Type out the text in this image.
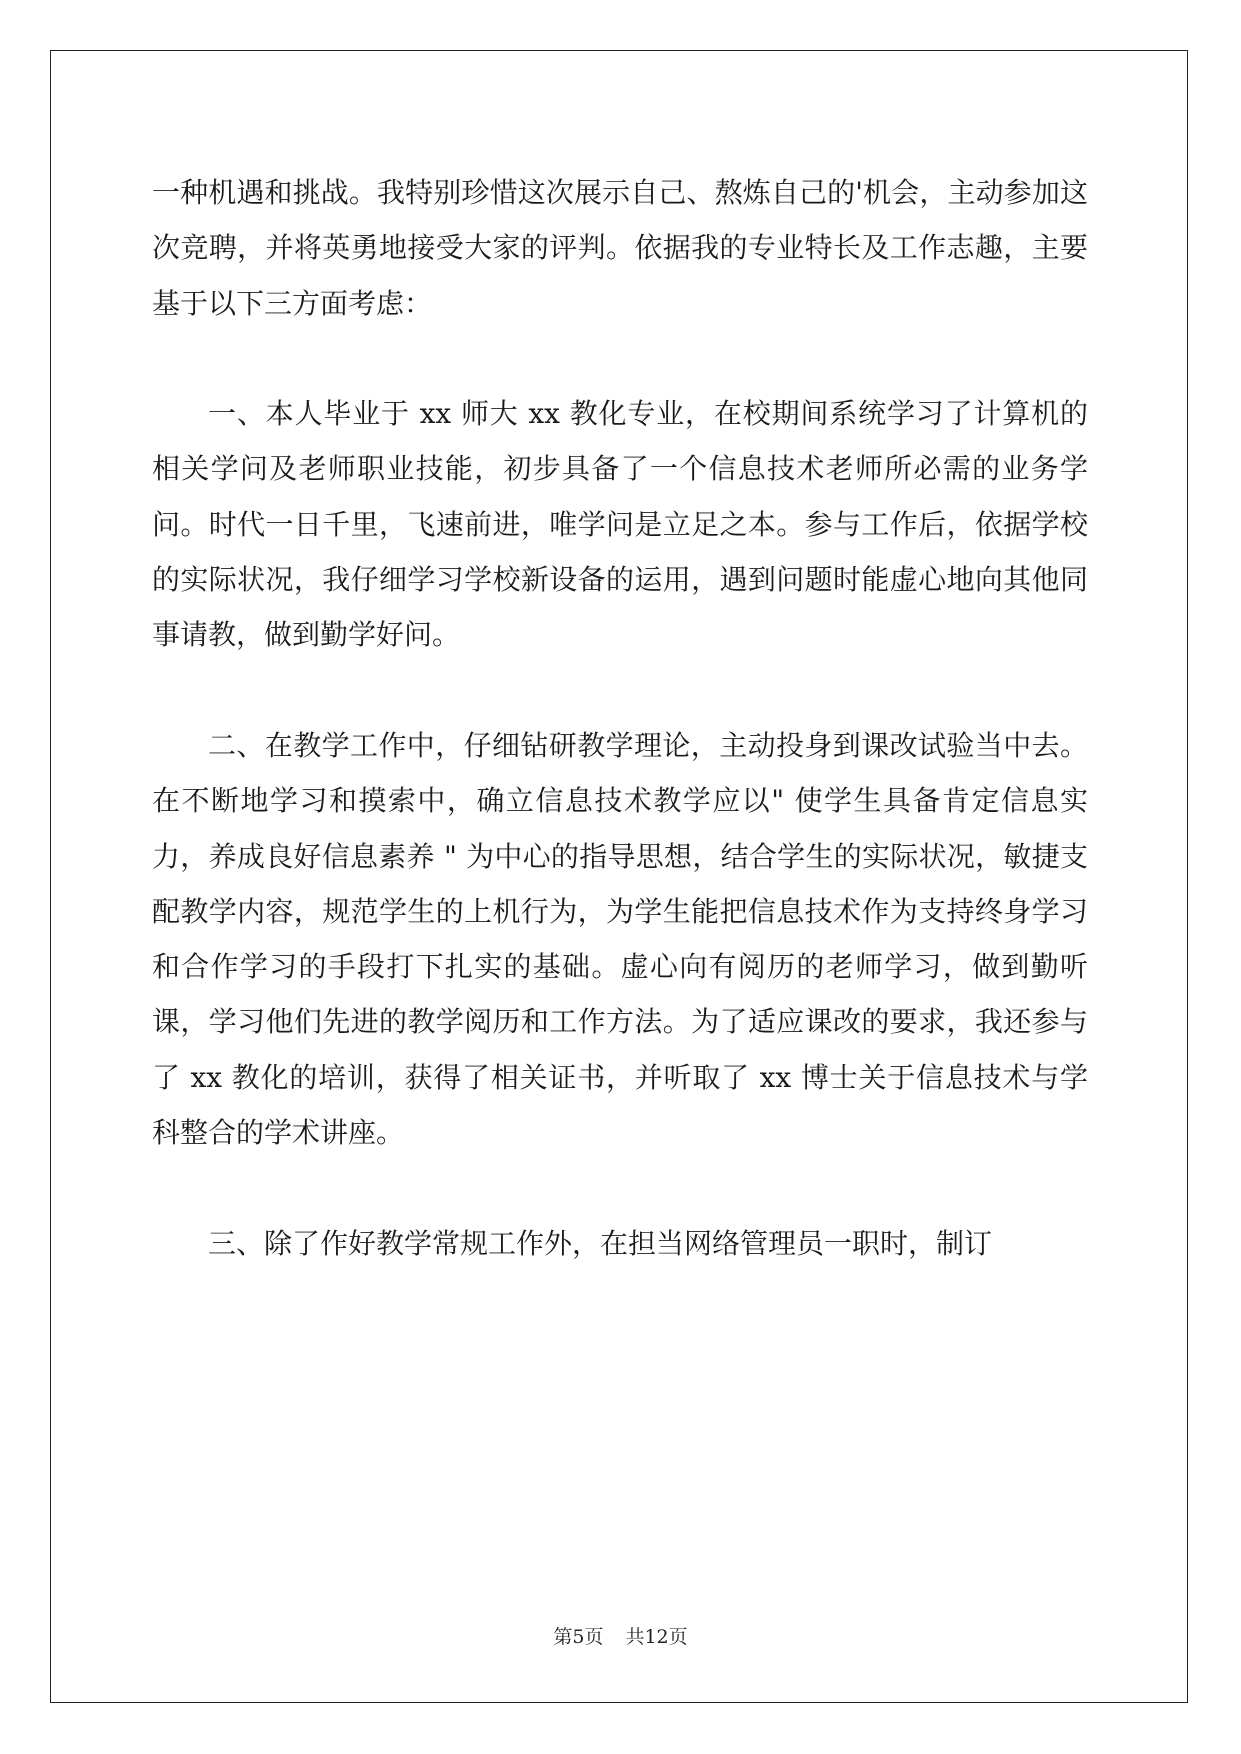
一种机遇和挑战。我特别珍惜这次展示自己、熬炼自己的'机会，主动参加这次竞聘，并将英勇地接受大家的评判。依据我的专业特长及工作志趣，主要基于以下三方面考虑：

一、本人毕业于 xx 师大 xx 教化专业，在校期间系统学习了计算机的相关学问及老师职业技能，初步具备了一个信息技术老师所必需的业务学问。时代一日千里，飞速前进，唯学问是立足之本。参与工作后，依据学校的实际状况，我仔细学习学校新设备的运用，遇到问题时能虚心地向其他同事请教，做到勤学好问。

二、在教学工作中，仔细钻研教学理论，主动投身到课改试验当中去。在不断地学习和摸索中，确立信息技术教学应以" 使学生具备肯定信息实力，养成良好信息素养 " 为中心的指导思想，结合学生的实际状况，敏捷支配教学内容，规范学生的上机行为，为学生能把信息技术作为支持终身学习和合作学习的手段打下扎实的基础。虚心向有阅历的老师学习，做到勤听课，学习他们先进的教学阅历和工作方法。为了适应课改的要求，我还参与了 xx 教化的培训，获得了相关证书，并听取了 xx 博士关于信息技术与学科整合的学术讲座。

三、除了作好教学常规工作外，在担当网络管理员一职时，制订

第5页 共12页
